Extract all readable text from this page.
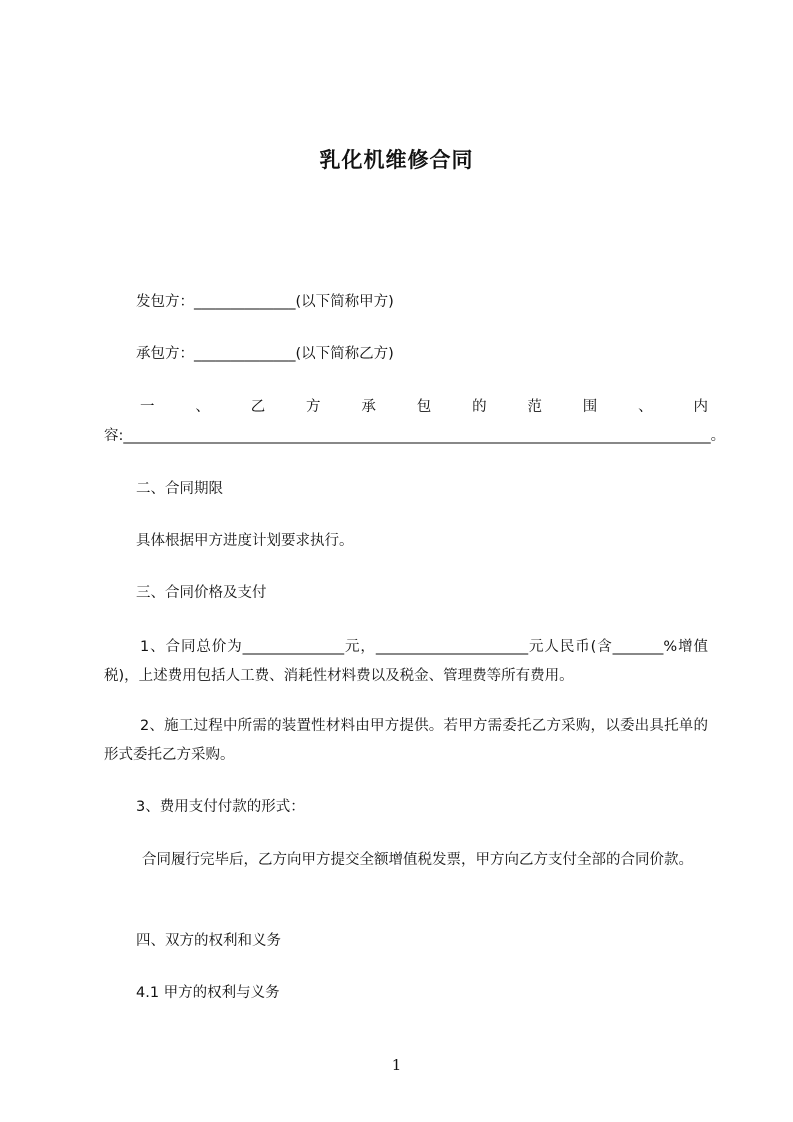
乳化机维修合同
发包方：______________(以下简称甲方)
承包方：______________(以下简称乙方)
一、乙方承包的范围、内容:_________________________________________________________________________________。
二、合同期限
具体根据甲方进度计划要求执行。
三、合同价格及支付
1、合同总价为______________元，_____________________元人民币(含_______%增值税)，上述费用包括人工费、消耗性材料费以及税金、管理费等所有费用。
2、施工过程中所需的装置性材料由甲方提供。若甲方需委托乙方采购，以委出具托单的形式委托乙方采购。
3、费用支付付款的形式：
合同履行完毕后，乙方向甲方提交全额增值税发票，甲方向乙方支付全部的合同价款。
四、双方的权利和义务
4.1 甲方的权利与义务
1
